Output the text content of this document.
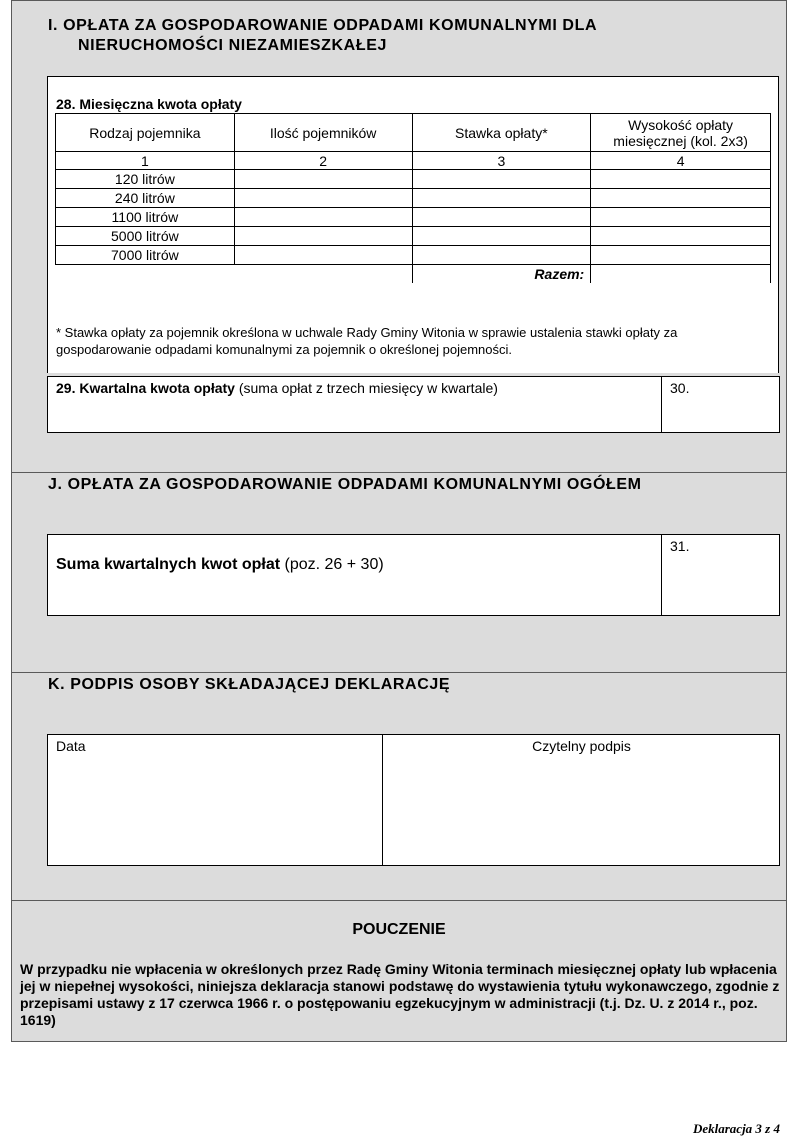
I. OPŁATA ZA GOSPODAROWANIE ODPADAMI KOMUNALNYMI DLA
NIERUCHOMOŚCI NIEZAMIESZKAŁEJ
28. Miesięczna kwota opłaty
Rodzaj pojemnika	Ilość pojemników	Stawka opłaty*	Wysokość opłaty miesięcznej (kol. 2x3)
1	2	3	4
120 litrów			
240 litrów			
1100 litrów			
5000 litrów			
7000 litrów			
		Razem:	
* Stawka opłaty za pojemnik określona w uchwale Rady Gminy Witonia w sprawie ustalenia stawki opłaty za gospodarowanie odpadami komunalnymi za pojemnik o określonej pojemności.
29. Kwartalna kwota opłaty (suma opłat z trzech miesięcy w kwartale)	30.
J. OPŁATA ZA GOSPODAROWANIE ODPADAMI KOMUNALNYMI OGÓŁEM
Suma kwartalnych kwot opłat (poz. 26 + 30)
31.
K. PODPIS OSOBY SKŁADAJĄCEJ DEKLARACJĘ
Data	Czytelny podpis
POUCZENIE
W przypadku nie wpłacenia w określonych przez Radę Gminy Witonia terminach miesięcznej opłaty lub wpłacenia jej w niepełnej wysokości, niniejsza deklaracja stanowi podstawę do wystawienia tytułu wykonawczego, zgodnie z przepisami ustawy z 17 czerwca 1966 r. o postępowaniu egzekucyjnym w administracji (t.j. Dz. U. z 2014 r., poz. 1619)
Deklaracja 3 z 4
